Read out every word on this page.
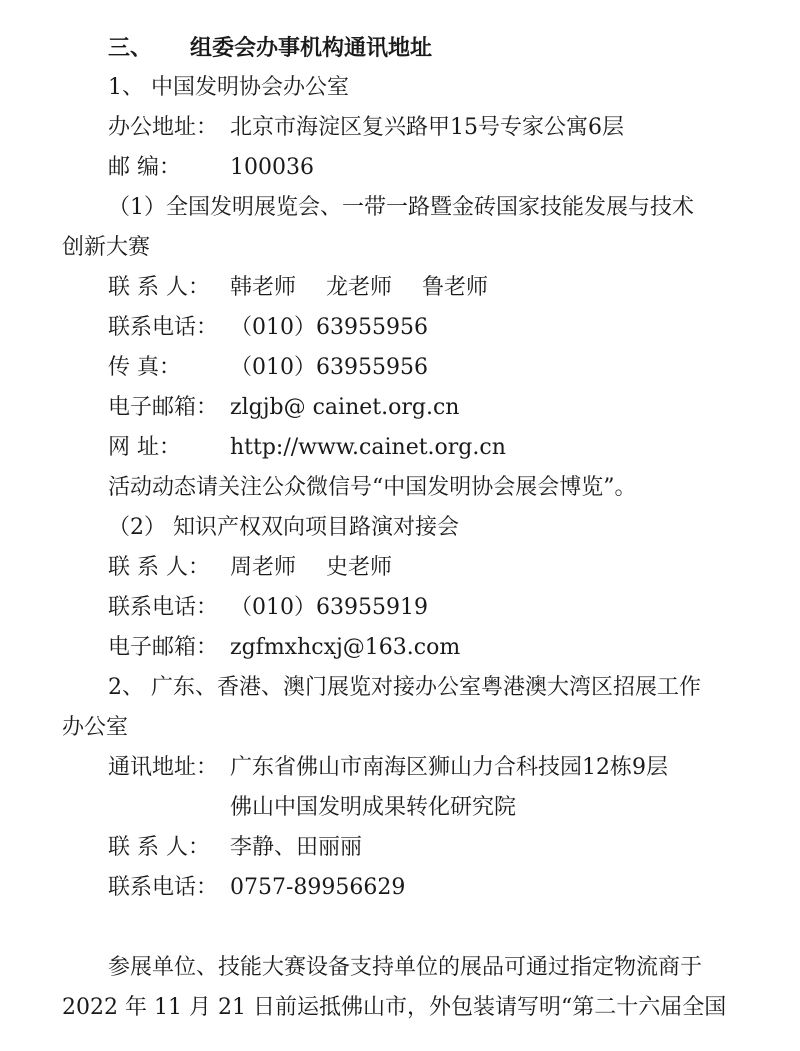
三、 组委会办事机构通讯地址
1、 中国发明协会办公室
办公地址： 北京市海淀区复兴路甲15号专家公寓6层
邮 编： 100036
（1）全国发明展览会、一带一路暨金砖国家技能发展与技术
创新大赛
联 系 人： 韩老师 龙老师 鲁老师
联系电话： （010）63955956
传 真： （010）63955956
电子邮箱： zlgjb@ cainet.org.cn
网 址： http://www.cainet.org.cn
活动动态请关注公众微信号“中国发明协会展会博览”。
（2） 知识产权双向项目路演对接会
联 系 人： 周老师 史老师
联系电话： （010）63955919
电子邮箱： zgfmxhcxj@163.com
2、 广东、香港、澳门展览对接办公室粤港澳大湾区招展工作
办公室
通讯地址： 广东省佛山市南海区狮山力合科技园12栋9层
佛山中国发明成果转化研究院
联 系 人： 李静、田丽丽
联系电话： 0757-89956629
参展单位、技能大赛设备支持单位的展品可通过指定物流商于
2022 年 11 月 21 日前运抵佛山市，外包装请写明“第二十六届全国
